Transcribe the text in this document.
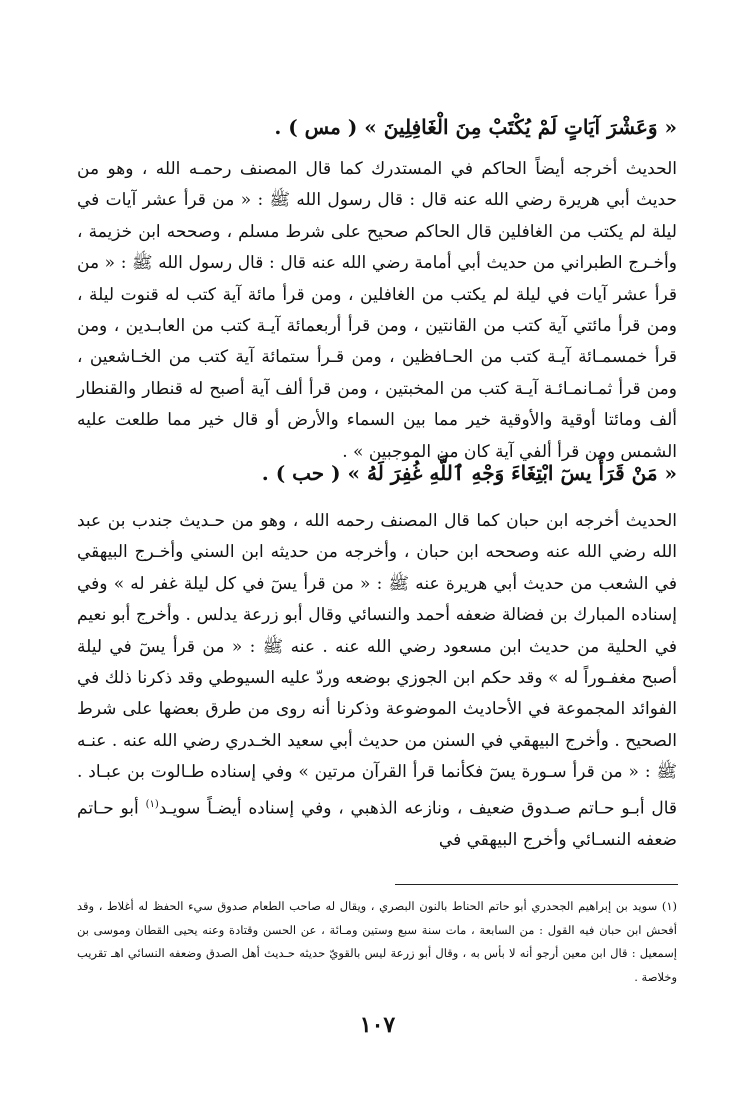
« وَعَشْرَ آيَاتٍ لَمْ يُكْتَبْ مِنَ الْغَافِلِينَ » ( مس ) .

الحديث أخرجه أيضاً الحاكم في المستدرك كما قال المصنف رحمـه الله ، وهو من حديث أبي هريرة رضي الله عنه قال : قال رسول الله ﷺ : « من قرأ عشر آيات في ليلة لم يكتب من الغافلين قال الحاكم صحيح على شرط مسلم ، وصححه ابن خزيمة ، وأخـرج الطبراني من حديث أبي أمامة رضي الله عنه قال : قال رسول الله ﷺ : « من قرأ عشر آيات في ليلة لم يكتب من الغافلين ، ومن قرأ مائة آية كتب له قنوت ليلة ، ومن قرأ مائتي آية كتب من القانتين ، ومن قرأ أربعمائة آيـة كتب من العابـدين ، ومن قرأ خمسمـائة آيـة كتب من الحـافظين ، ومن قـرأ ستمائة آية كتب من الخـاشعين ، ومن قرأ ثمـانمـائـة آيـة كتب من المخبتين ، ومن قرأ ألف آية أصبح له قنطار والقنطار ألف ومائتا أوقية والأوقية خير مما بين السماء والأرض أو قال خير مما طلعت عليه الشمس ومن قرأ ألفي آية كان من الموجبين » .

« مَنْ قَرَأَ يسٓ ابْتِغَاءَ وَجْهِ ٱللَّهِ غُفِرَ لَهُ » ( حب ) .

الحديث أخرجه ابن حبان كما قال المصنف رحمه الله ، وهو من حـديث جندب بن عبد الله رضي الله عنه وصححه ابن حبان ، وأخرجه من حديثه ابن السني وأخـرج البيهقي في الشعب من حديث أبي هريرة عنه ﷺ : « من قرأ يسٓ في كل ليلة غفر له » وفي إسناده المبارك بن فضالة ضعفه أحمد والنسائي وقال أبو زرعة يدلس . وأخرج أبو نعيم في الحلية من حديث ابن مسعود رضي الله عنه . عنه ﷺ : « من قرأ يسٓ في ليلة أصبح مغفـوراً له » وقد حكم ابن الجوزي بوضعه وردّ عليه السيوطي وقد ذكرنا ذلك في الفوائد المجموعة في الأحاديث الموضوعة وذكرنا أنه روى من طرق بعضها على شرط الصحيح . وأخرج البيهقي في السنن من حديث أبي سعيد الخـدري رضي الله عنه . عنـه ﷺ : « من قرأ سـورة يسٓ فكأنما قرأ القرآن مرتين » وفي إسناده طـالوت بن عبـاد . قال أبـو حـاتم صـدوق ضعيف ، ونازعه الذهبي ، وفي إسناده أيضـاً سويـد$^{(١)}$ أبو حـاتم ضعفه النسـائي وأخرج البيهقي في

(١) سويد بن إبراهيم الجحدري أبو حاتم الحناط بالنون البصري ، ويقال له صاحب الطعام صدوق سيء الحفظ له أغلاط ، وقد أفحش ابن حبان فيه القول : من السابعة ، مات سنة سبع وستين ومـائة ، عن الحسن وقتادة وعنه يحيى القطان وموسى بن إسمعيل : قال ابن معين أرجو أنه لا بأس به ، وقال أبو زرعة ليس بالقويّ حديثه حـديث أهل الصدق وضعفه النسائي اهـ تقريب وخلاصة .

١٠٧
